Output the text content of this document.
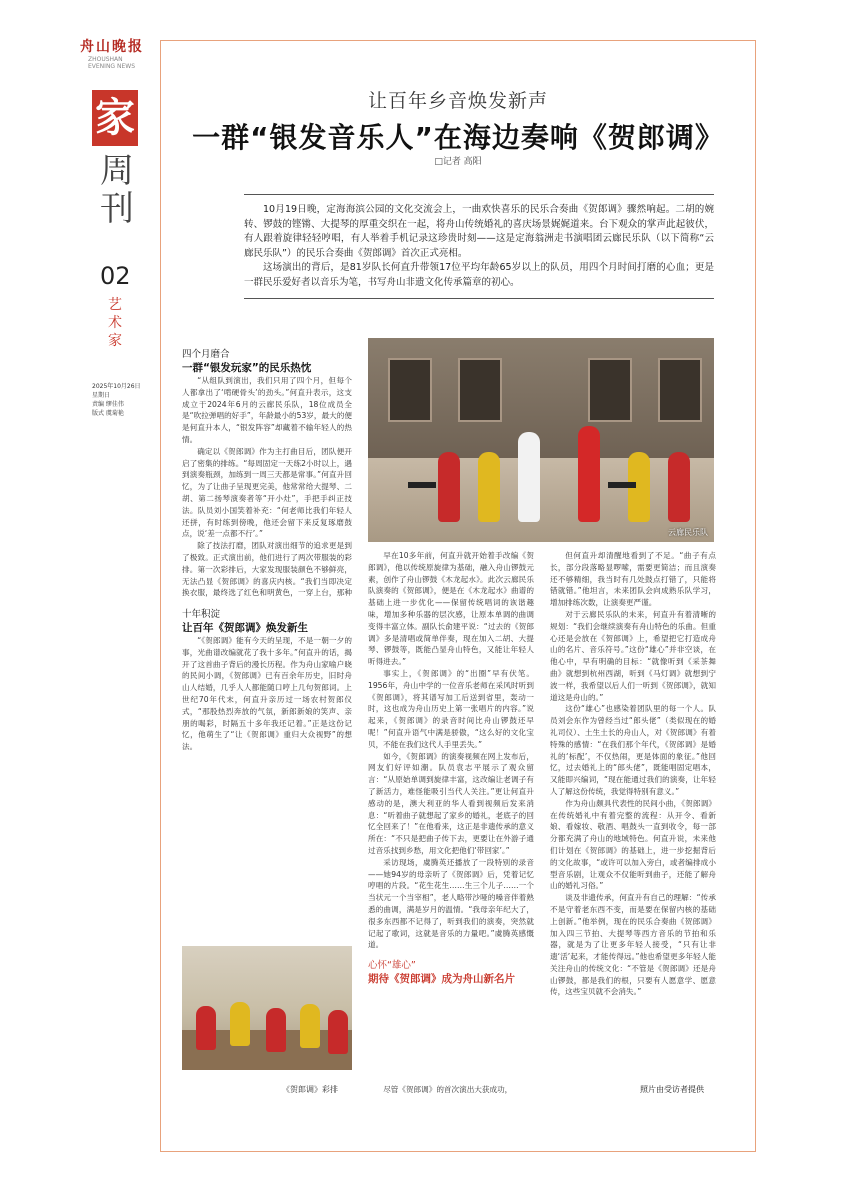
舟山晚报
ZHOUSHAN
EVENING NEWS
家
周刊
02
艺术家
2025年10月26日
星期日
责编 缪佳伟
版式 虞菊艳
让百年乡音焕发新声
一群“银发音乐人”在海边奏响《贺郎调》
□记者 高阳

10月19日晚，定海海滨公园的文化交流会上，一曲欢快喜乐的民乐合奏曲《贺郎调》骤然响起。二胡的婉转、锣鼓的铿锵、大提琴的厚重交织在一起，将舟山传统婚礼的喜庆场景娓娓道来。台下观众的掌声此起彼伏，有人跟着旋律轻轻哼唱，有人举着手机记录这珍贵时刻——这是定海翁洲走书演唱团云廊民乐队（以下简称“云廊民乐队”）的民乐合奏曲《贺郎调》首次正式亮相。

这场演出的背后，是81岁队长何直升带领17位平均年龄65岁以上的队员，用四个月时间打磨的心血；更是一群民乐爱好者以音乐为笔，书写舟山非遗文化传承篇章的初心。

四个月磨合
一群“银发玩家”的民乐热忱

“从组队到演出，我们只用了四个月，但每个人都拿出了‘啃硬骨头’的劲头。”何直升表示，这支成立于2024年6月的云廊民乐队，18位成员全是“吹拉弹唱的好手”，年龄最小的53岁，最大的便是何直升本人，“银发阵容”却藏着不输年轻人的热情。

确定以《贺郎调》作为主打曲目后，团队便开启了密集的排练。“每周固定一天练2小时以上，遇到演奏瓶颈，加练到一周三天都是常事。”何直升回忆，为了让曲子呈现更完美，他常常给大提琴、二胡、第二扬琴演奏者等“开小灶”，手把手纠正技法。队员刘小国笑着补充：“何老师比我们年轻人还拼，有时练到傍晚，他还会留下来反复琢磨鼓点，说‘差一点都不行’。”

除了技法打磨，团队对演出细节的追求更是到了极致。正式演出前，他们进行了两次带服装的彩排。第一次彩排后，大家发现服装颜色不够鲜亮，无法凸显《贺郎调》的喜庆内核。“我们当即决定换衣服，最终选了红色和明黄色，一穿上台，那种

十年积淀
让百年《贺郎调》焕发新生

“《贺郎调》能有今天的呈现，不是一朝一夕的事，光曲谱改编就花了我十多年。”何直升的话，揭开了这首曲子背后的漫长历程。作为舟山家喻户晓的民间小调，《贺郎调》已有百余年历史，旧时舟山人结婚，几乎人人都能随口哼上几句贺郎词。上世纪70年代末，何直升亲历过一场农村贺郎仪式，“那股热烈奔放的气氛，新郎新娘的笑声、亲朋的喝彩，时隔五十多年我还记着。”正是这份记忆，他萌生了“让《贺郎调》重归大众视野”的想法。

云廊民乐队

早在10多年前，何直升就开始着手改编《贺郎调》，他以传统原旋律为基础，融入舟山锣鼓元素，创作了舟山锣鼓《木龙起水》。此次云廊民乐队演奏的《贺郎调》，便是在《木龙起水》曲谱的基础上进一步优化——保留传统唱词的诙谐趣味，增加多种乐器的层次感，让原本单调的曲调变得丰富立体。副队长俞建平说：“过去的《贺郎调》多是清唱或简单伴奏，现在加入二胡、大提琴、锣鼓等，既能凸显舟山特色，又能让年轻人听得进去。”

事实上，《贺郎调》的“出圈”早有伏笔。1956年，舟山中学的一位音乐老师在采风时听到《贺郎调》，将其谱写加工后送到省里，轰动一时，这也成为舟山历史上第一张唱片的内容。”说起来，《贺郎调》的录音时间比舟山锣鼓还早呢！”何直升语气中满是骄傲，“这么好的文化宝贝，不能在我们这代人手里丢失。”

如今，《贺郎调》的演奏视频在网上发布后，网友们好评如潮。队员袁志平展示了观众留言：“从原始单调到旋律丰富，这改编让老调子有了新活力，难怪能吸引当代人关注。”更让何直升感动的是，澳大利亚的华人看到视频后发来消息：“听着曲子就想起了家乡的婚礼，老底子的回忆全回来了！”在他看来，这正是非遗传承的意义所在：“不只是把曲子传下去，更要让在外游子通过音乐找到乡愁，用文化把他们‘带回家’。”

采访现场，虞腾英还播放了一段特别的录音——她94岁的母亲听了《贺郎调》后，凭着记忆哼唱的片段。“花生花生……生三个儿子……一个当状元一个当宰相”，老人略带沙哑的嗓音伴着熟悉的曲调，满是岁月的温情。“我母亲年纪大了，很多东西都不记得了，听到我们的演奏，突然就记起了歌词，这就是音乐的力量吧。”虞腾英感慨道。

心怀“雄心”
期待《贺郎调》成为舟山新名片
尽管《贺郎调》的首次演出大获成功，

但何直升却清醒地看到了不足。“曲子有点长，部分段落略显啰嗦，需要更简洁；而且演奏还不够精细，我当时有几处鼓点打错了，只能将错就错。”他坦言，未来团队会向成熟乐队学习，增加排练次数，让演奏更严谨。

对于云廊民乐队的未来，何直升有着清晰的规划：“我们会继续演奏有舟山特色的乐曲。但重心还是会放在《贺郎调》上，希望把它打造成舟山的名片、音乐符号。”这份“雄心”并非空谈，在他心中，早有明确的目标：“就像听到《采茶舞曲》就想到杭州西湖，听到《马灯调》就想到宁波一样，我希望以后人们一听到《贺郎调》，就知道这是舟山的。”

这份“雄心”也感染着团队里的每一个人。队员刘会东作为曾经当过“郎头佬”（类似现在的婚礼司仪）、土生土长的舟山人，对《贺郎调》有着特殊的感情：“在我们那个年代，《贺郎调》是婚礼的‘标配’，不仅热闹，更是体面的象征。”他回忆，过去婚礼上的“郎头佬”，既能唱固定唱本，又能即兴编词，“现在能通过我们的演奏，让年轻人了解这份传统，我觉得特别有意义。”

作为舟山颇具代表性的民间小曲，《贺郎调》在传统婚礼中有着完整的流程：从开令、看新娘、看嫁妆、敬酒、唱鼓头一直到收令，每一部分都充满了舟山的地域特色。何直升说，未来他们计划在《贺郎调》的基础上，进一步挖掘背后的文化故事，“或许可以加入旁白，或者编排成小型音乐剧，让观众不仅能听到曲子，还能了解舟山的婚礼习俗。”

谈及非遗传承，何直升有自己的理解：“传承不是守着老东西不变，而是要在保留内核的基础上创新。”他举例，现在的民乐合奏曲《贺郎调》加入四三节拍、大提琴等西方音乐的节拍和乐器，就是为了让更多年轻人接受，“只有让非遗‘活’起来，才能传得远。”他也希望更多年轻人能关注舟山的传统文化：“不管是《贺郎调》还是舟山锣鼓，都是我们的根，只要有人愿意学、愿意传，这些宝贝就不会消失。”

《贺郎调》彩排	照片由受访者提供
